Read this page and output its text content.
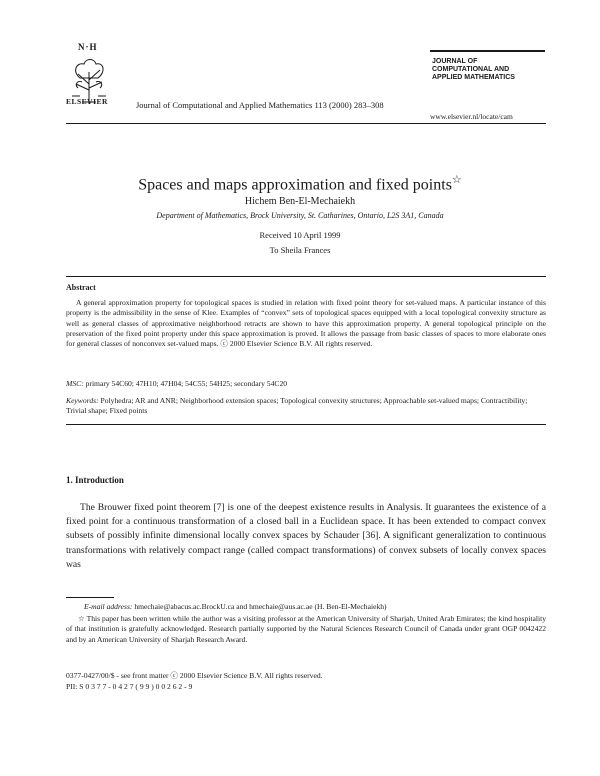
N·H
ELSEVIER	Journal of Computational and Applied Mathematics 113 (2000) 283–308
JOURNAL OF
COMPUTATIONAL AND
APPLIED MATHEMATICS
www.elsevier.nl/locate/cam
Spaces and maps approximation and fixed points☆
Hichem Ben-El-Mechaiekh
Department of Mathematics, Brock University, St. Catharines, Ontario, L2S 3A1, Canada
Received 10 April 1999
To Sheila Frances
Abstract
A general approximation property for topological spaces is studied in relation with fixed point theory for set-valued maps. A particular instance of this property is the admissibility in the sense of Klee. Examples of “convex” sets of topological spaces equipped with a local topological convexity structure as well as general classes of approximative neighborhood retracts are shown to have this approximation property. A general topological principle on the preservation of the fixed point property under this space approximation is proved. It allows the passage from basic classes of spaces to more elaborate ones for general classes of nonconvex set-valued maps. ⓒ 2000 Elsevier Science B.V. All rights reserved.
MSC: primary 54C60; 47H10; 47H04; 54C55; 54H25; secondary 54C20
Keywords: Polyhedra; AR and ANR; Neighborhood extension spaces; Topological convexity structures; Approachable set-valued maps; Contractibility; Trivial shape; Fixed points
1. Introduction
The Brouwer fixed point theorem [7] is one of the deepest existence results in Analysis. It guarantees the existence of a fixed point for a continuous transformation of a closed ball in a Euclidean space. It has been extended to compact convex subsets of possibly infinite dimensional locally convex spaces by Schauder [36]. A significant generalization to continuous transformations with relatively compact range (called compact transformations) of convex subsets of locally convex spaces was
E-mail address: hmechaie@abacus.ac.BrockU.ca and hmechaie@aus.ac.ae (H. Ben-El-Mechaiekh)
☆ This paper has been written while the author was a visiting professor at the American University of Sharjah, United Arab Emirates; the kind hospitality of that institution is gratefully acknowledged. Research partially supported by the Natural Sciences Research Council of Canada under grant OGP 0042422 and by an American University of Sharjah Research Award.
0377-0427/00/$ - see front matter ⓒ 2000 Elsevier Science B.V. All rights reserved.
PII: S 0 3 7 7 - 0 4 2 7 ( 9 9 ) 0 0 2 6 2 - 9
